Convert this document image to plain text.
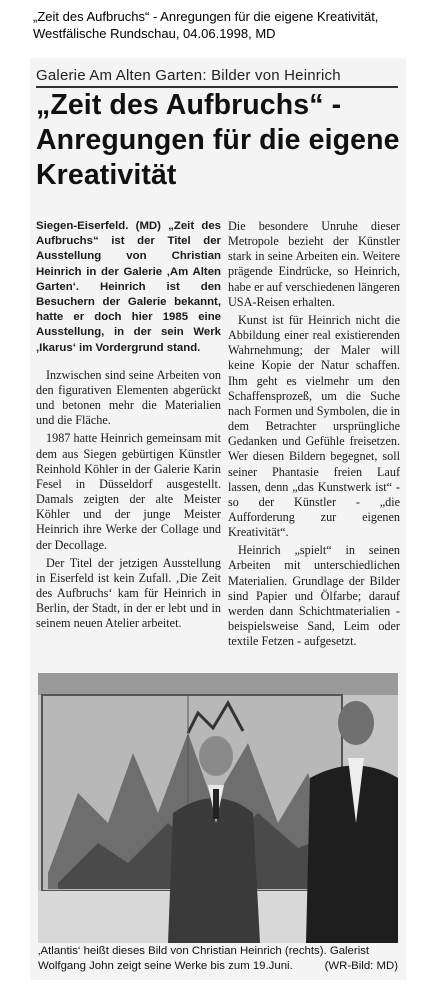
„Zeit des Aufbruchs“ - Anregungen für die eigene Kreativität, Westfälische Rundschau, 04.06.1998, MD
Galerie Am Alten Garten: Bilder von Heinrich
„Zeit des Aufbruchs“ - Anregungen für die eigene Kreativität

Siegen-Eiserfeld. (MD) „Zeit des Aufbruchs“ ist der Titel der Ausstellung von Christian Heinrich in der Galerie ‚Am Alten Garten‘. Heinrich ist den Besuchern der Galerie bekannt, hatte er doch hier 1985 eine Ausstellung, in der sein Werk ‚Ikarus‘ im Vordergrund stand.

Inzwischen sind seine Arbeiten von den figurativen Elementen abgerückt und betonen mehr die Materialien und die Fläche.

1987 hatte Heinrich gemeinsam mit dem aus Siegen gebürtigen Künstler Reinhold Köhler in der Galerie Karin Fesel in Düsseldorf ausgestellt. Damals zeigten der alte Meister Köhler und der junge Meister Heinrich ihre Werke der Collage und der Decollage.

Der Titel der jetzigen Ausstellung in Eiserfeld ist kein Zufall. ‚Die Zeit des Aufbruchs‘ kam für Heinrich in Berlin, der Stadt, in der er lebt und in seinem neuen Atelier arbeitet.

Die besondere Unruhe dieser Metropole bezieht der Künstler stark in seine Arbeiten ein. Weitere prägende Eindrücke, so Heinrich, habe er auf verschiedenen längeren USA-Reisen erhalten.

Kunst ist für Heinrich nicht die Abbildung einer real existierenden Wahrnehmung; der Maler will keine Kopie der Natur schaffen. Ihm geht es vielmehr um den Schaffensprozeß, um die Suche nach Formen und Symbolen, die in dem Betrachter ursprüngliche Gedanken und Gefühle freisetzen. Wer diesen Bildern begegnet, soll seiner Phantasie freien Lauf lassen, denn „das Kunstwerk ist“ - so der Künstler - „die Aufforderung zur eigenen Kreativität“.

Heinrich „spielt“ in seinen Arbeiten mit unterschiedlichen Materialien. Grundlage der Bilder sind Papier und Ölfarbe; darauf werden dann Schichtmaterialien - beispielsweise Sand, Leim oder textile Fetzen - aufgesetzt.

‚Atlantis‘ heißt dieses Bild von Christian Heinrich (rechts). Galerist Wolfgang John zeigt seine Werke bis zum 19.Juni.	(WR-Bild: MD)
